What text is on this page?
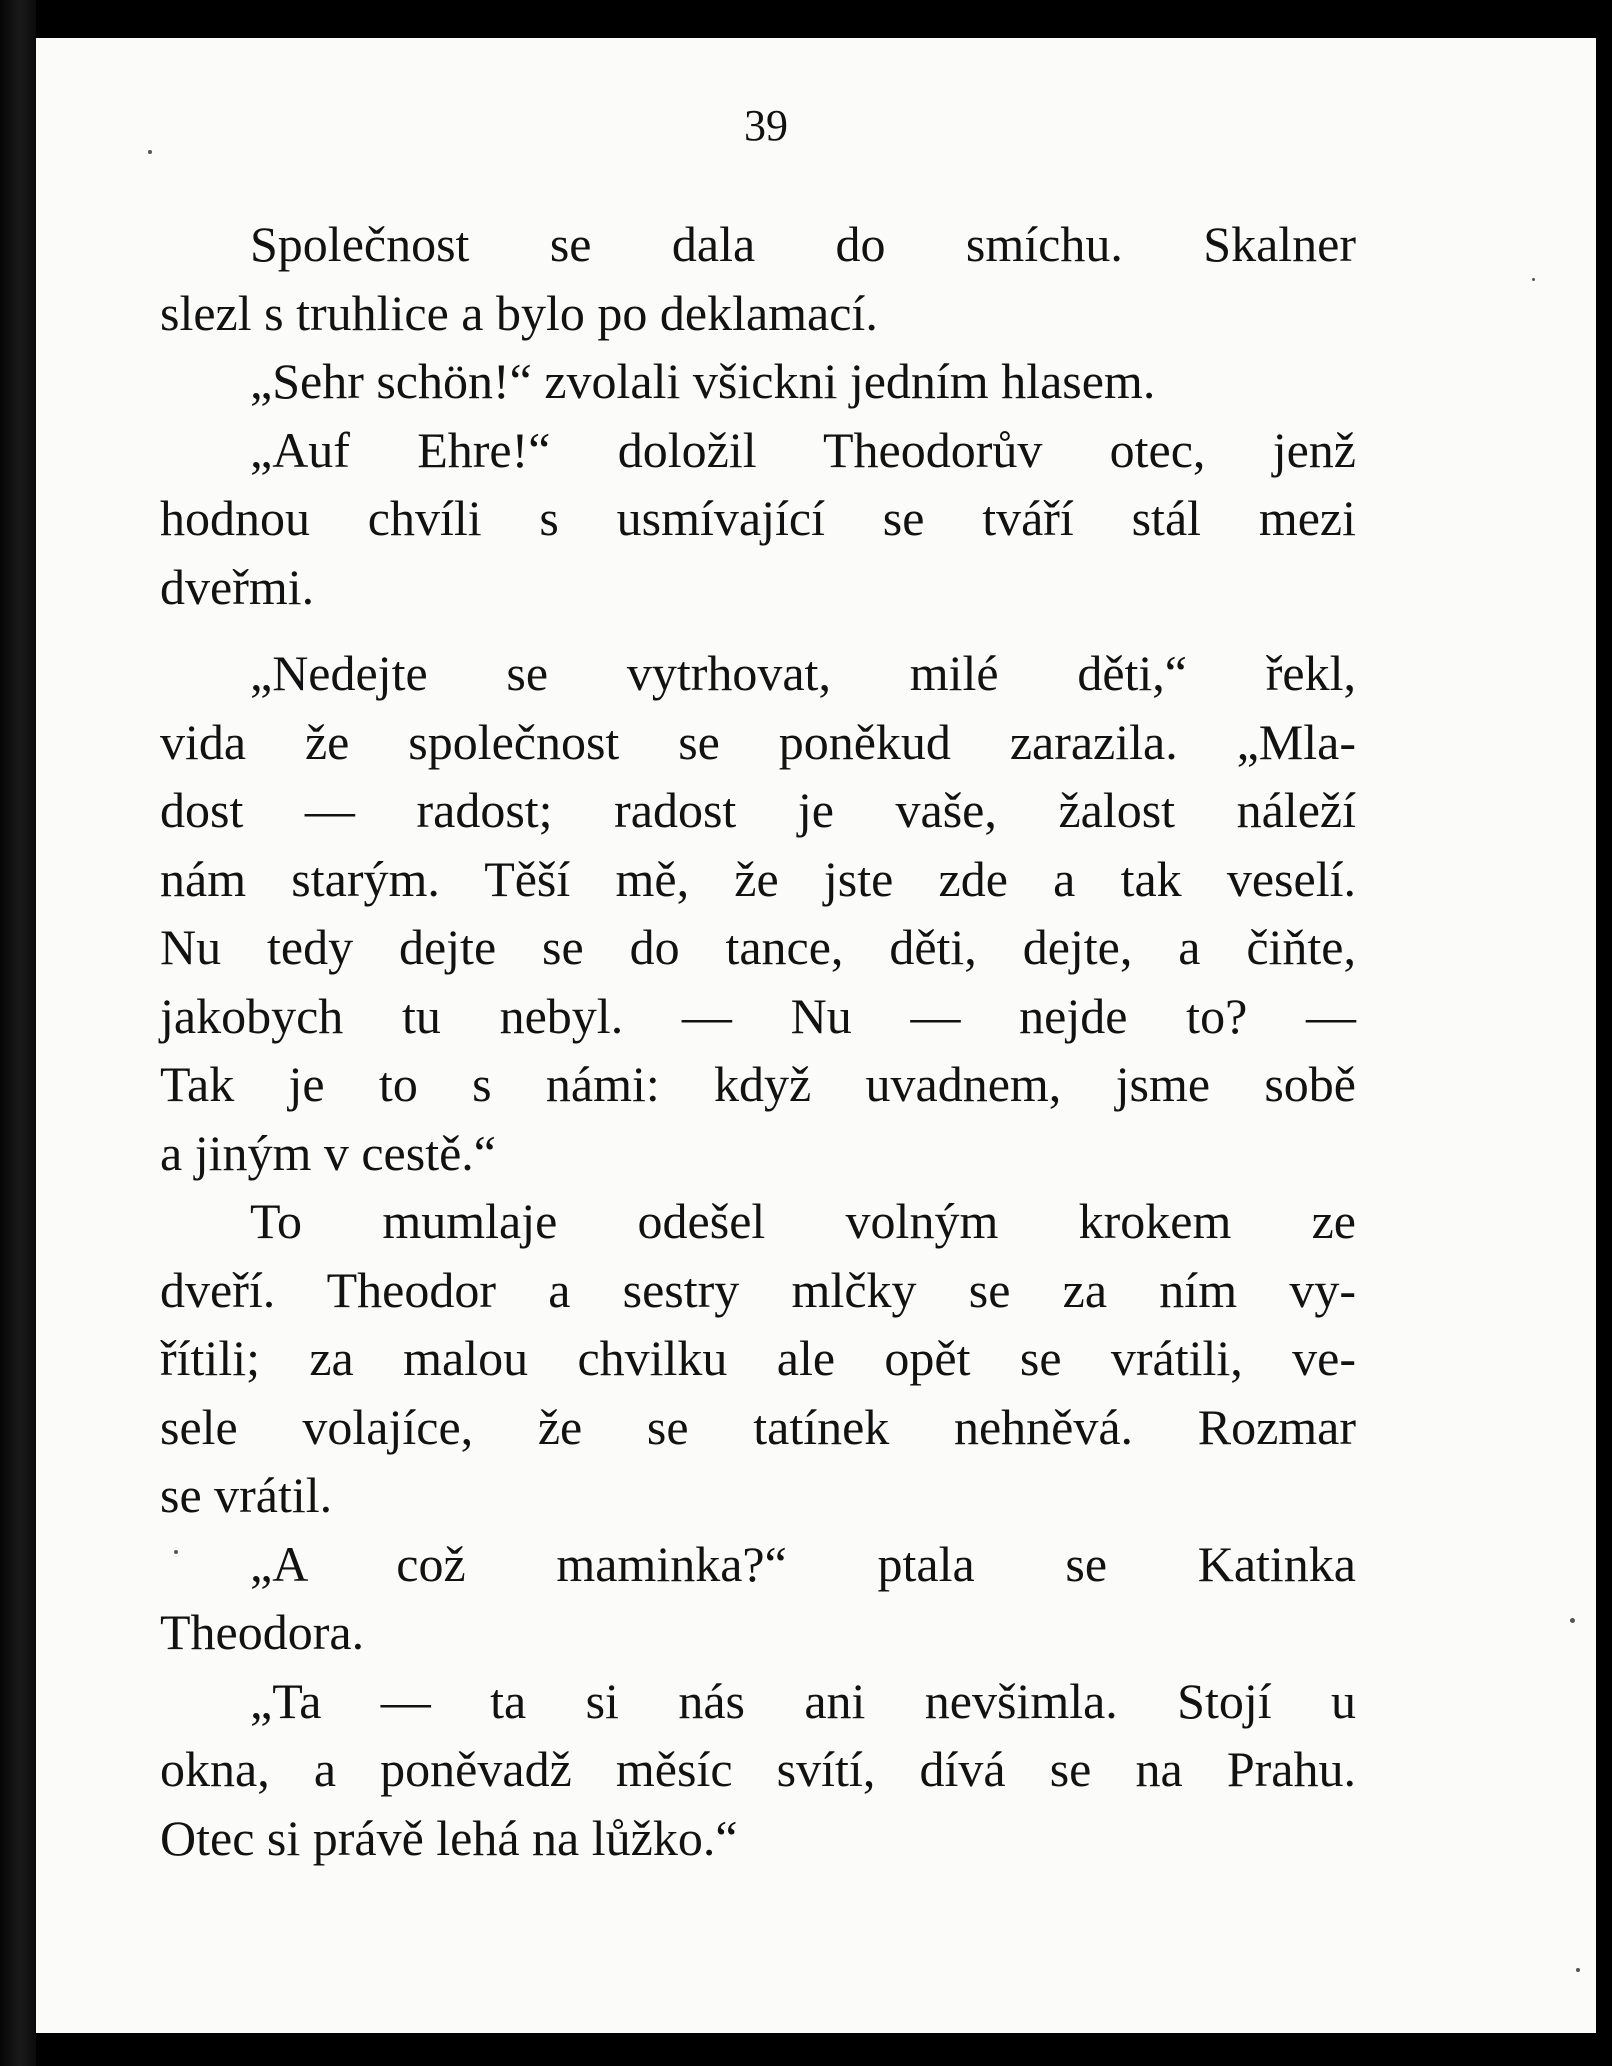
39
Společnost se dala do smíchu. Skalner
slezl s truhlice a bylo po deklamací.
„Sehr schön!“ zvolali všickni jedním hlasem.
„Auf Ehre!“ doložil Theodorův otec, jenž
hodnou chvíli s usmívající se tváří stál mezi
dveřmi.
„Nedejte se vytrhovat, milé děti,“ řekl,
vida že společnost se poněkud zarazila. „Mla-
dost — radost; radost je vaše, žalost náleží
nám starým. Těší mě, že jste zde a tak veselí.
Nu tedy dejte se do tance, děti, dejte, a čiňte,
jakobych tu nebyl. — Nu — nejde to? —
Tak je to s námi: když uvadnem, jsme sobě
a jiným v cestě.“
To mumlaje odešel volným krokem ze
dveří. Theodor a sestry mlčky se za ním vy-
řítili; za malou chvilku ale opět se vrátili, ve-
sele volajíce, že se tatínek nehněvá. Rozmar
se vrátil.
„A což maminka?“ ptala se Katinka
Theodora.
„Ta — ta si nás ani nevšimla. Stojí u
okna, a poněvadž měsíc svítí, dívá se na Prahu.
Otec si právě lehá na lůžko.“
